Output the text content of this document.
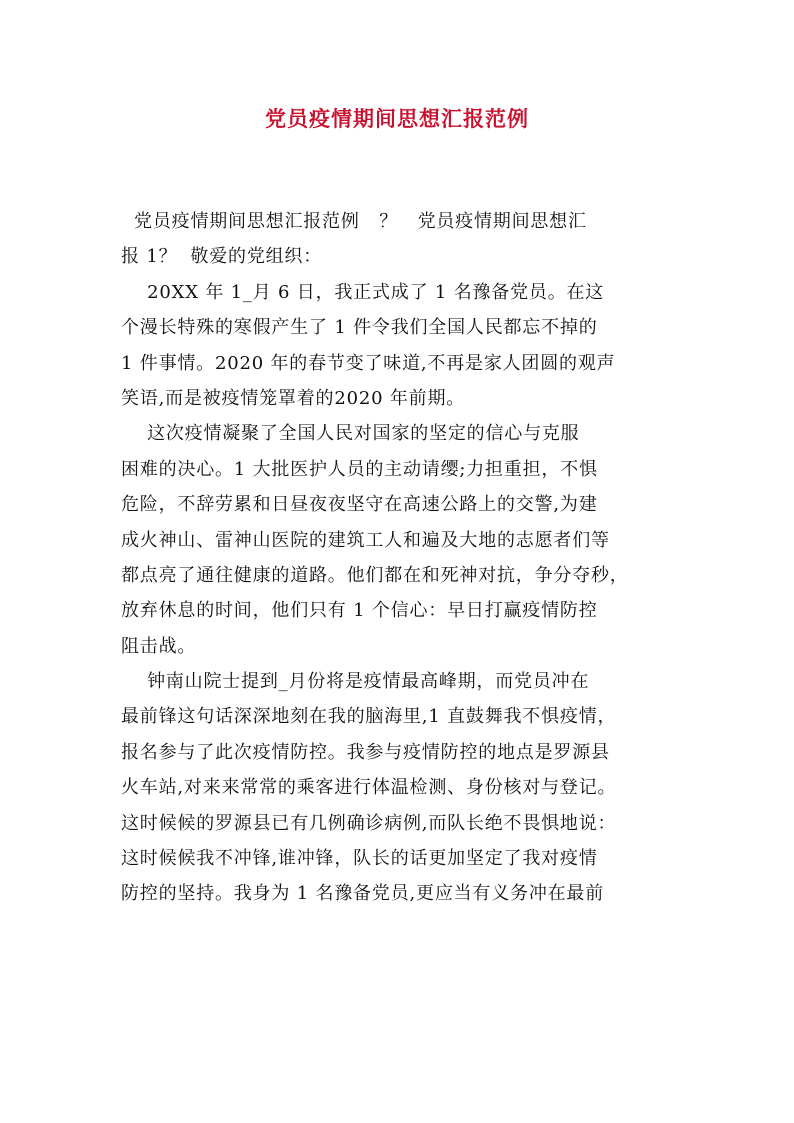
党员疫情期间思想汇报范例
党员疫情期间思想汇报范例   ？   党员疫情期间思想汇
报 1？  敬爱的党组织：
20XX 年 1_月 6 日，我正式成了 1 名豫备党员。在这
个漫长特殊的寒假产生了 1 件令我们全国人民都忘不掉的
1 件事情。2020 年的春节变了味道,不再是家人团圆的观声
笑语,而是被疫情笼罩着的2020 年前期。
这次疫情凝聚了全国人民对国家的坚定的信心与克服
困难的决心。1 大批医护人员的主动请缨;力担重担，不惧
危险，不辞劳累和日昼夜夜坚守在高速公路上的交警,为建
成火神山、雷神山医院的建筑工人和遍及大地的志愿者们等
都点亮了通往健康的道路。他们都在和死神对抗，争分夺秒，
放弃休息的时间，他们只有 1 个信心：早日打赢疫情防控
阻击战。
钟南山院士提到_月份将是疫情最高峰期，而党员冲在
最前锋这句话深深地刻在我的脑海里,1 直鼓舞我不惧疫情，
报名参与了此次疫情防控。我参与疫情防控的地点是罗源县
火车站,对来来常常的乘客进行体温检测、身份核对与登记。
这时候候的罗源县已有几例确诊病例,而队长绝不畏惧地说：
这时候候我不冲锋,谁冲锋，队长的话更加坚定了我对疫情
防控的坚持。我身为 1 名豫备党员,更应当有义务冲在最前
